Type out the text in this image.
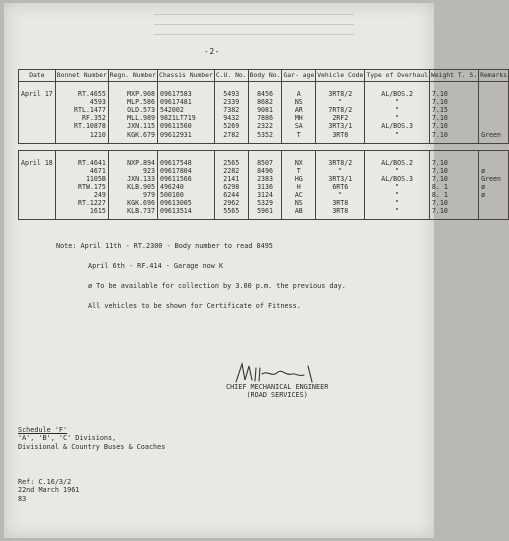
-2-
Date	Bonnet Number	Regn. Number	Chassis Number	C.U. No.	Body No.	Gar- age	Vehicle Code	Type of Overhaul	Weight T. S.	Remarks
April 17	RT.4655	MXP.908	09617583	5493	8456	A	3RT8/2	AL/BOS.2	7.10	
	4593	MLP.586	09617481	2339	8682	NS	"	"	7.10	
	RTL.1477	OLD.573	542002	7382	9081	AR	7RT8/2	"	7.15	
	RF.352	MLL.989	9821LT719	9432	7886	MH	2RF2	"	7.10	
	RT.10878	JXN.115	09611560	5269	2322	SA	3RT3/1	AL/BOS.3	7.10	
	1210	KGK.679	09612931	2782	5352	T	3RT8	"	7.10	Green

April 18	RT.4641	NXP.894	09617548	2565	8507	NX	3RT8/2	AL/BOS.2	7.10	
	4671	923	09617804	2282	8496	T	"	"	7.10	ø
	1105B	JXN.133	09611566	2141	2383	HG	3RT3/1	AL/BOS.3	7.10	Green
	RTW.175	KLB.905	496240	6298	3136	H	6RT6	"	8. 1	ø
	249	979	500160	6244	3124	AC	"	"	8. 1	ø
	RT.1227	KGK.696	09613005	2962	5329	NS	3RT8	"	7.10	
	1615	KLB.737	09613514	5565	5961	AB	3RT8	"	7.10	
Note: April 11th - RT.2300 - Body number to read 8495
April 6th - RF.414 - Garage now K
ø To be available for collection by 3.00 p.m. the previous day.
All vehicles to be shown for Certificate of Fitness.
CHIEF MECHANICAL ENGINEER
(ROAD SERVICES)
Schedule 'F'
'A', 'B', 'C' Divisions,
Divisional & Country Buses & Coaches
Ref: C.16/3/2
22nd March 1961
83
